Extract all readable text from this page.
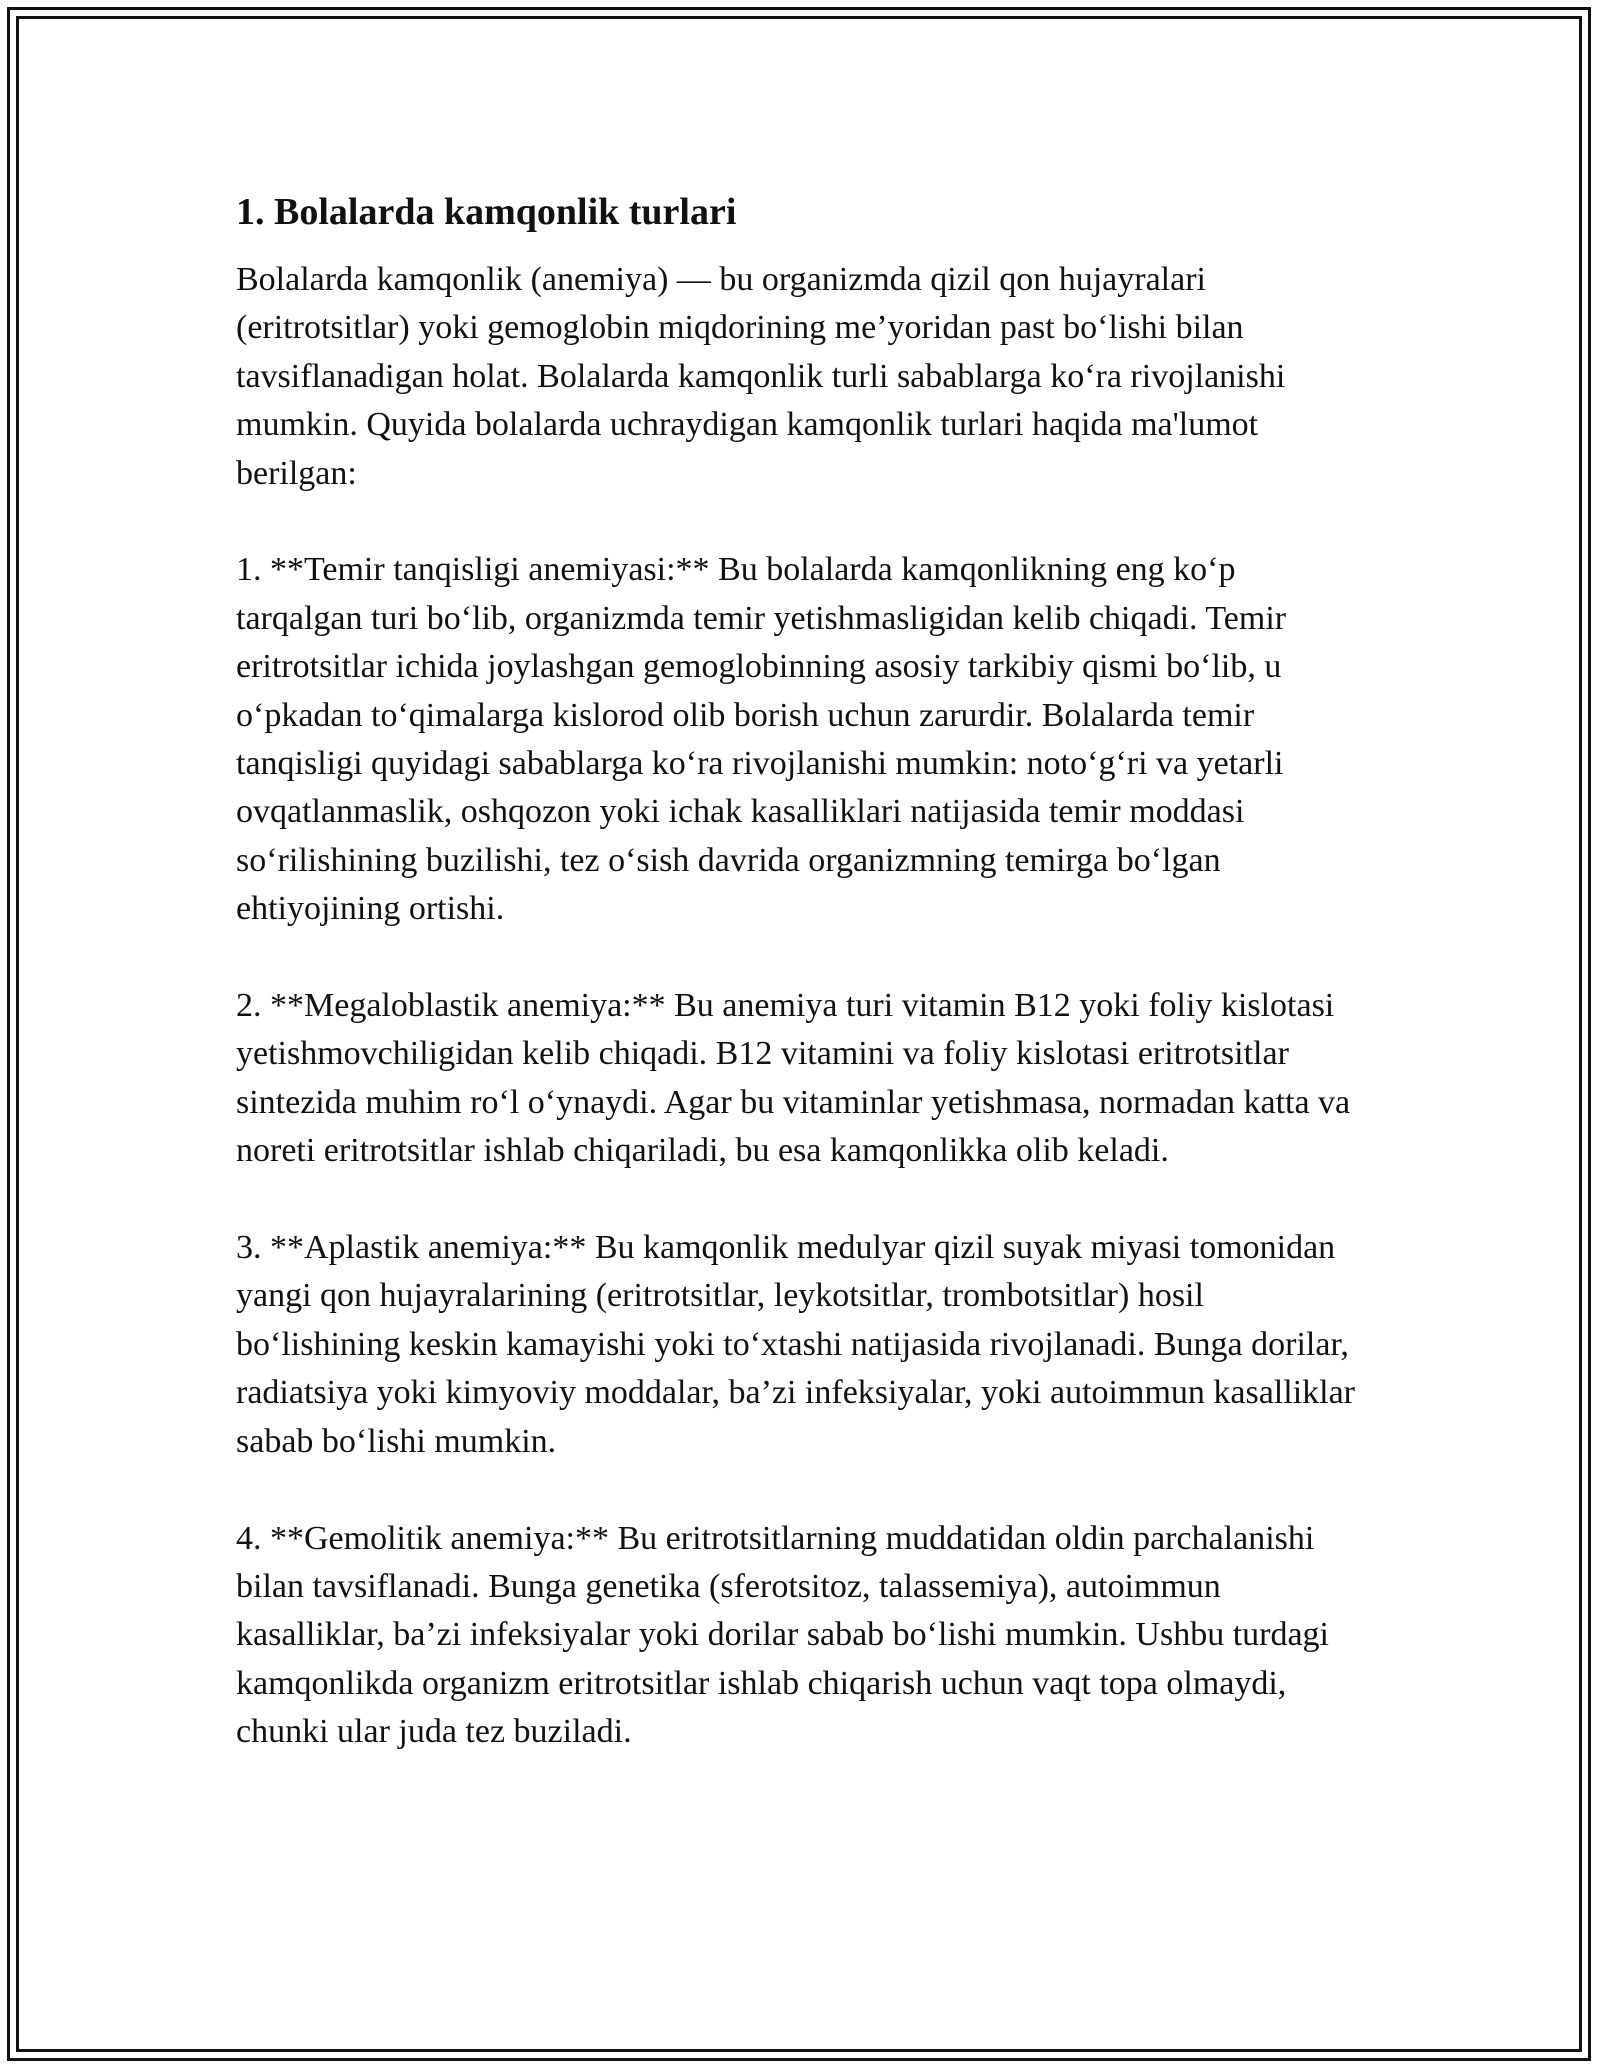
1. Bolalarda kamqonlik turlari

Bolalarda kamqonlik (anemiya) — bu organizmda qizil qon hujayralari (eritrotsitlar) yoki gemoglobin miqdorining me’yoridan past bo‘lishi bilan tavsiflanadigan holat. Bolalarda kamqonlik turli sabablarga ko‘ra rivojlanishi mumkin. Quyida bolalarda uchraydigan kamqonlik turlari haqida ma'lumot berilgan:

1. **Temir tanqisligi anemiyasi:** Bu bolalarda kamqonlikning eng ko‘p tarqalgan turi bo‘lib, organizmda temir yetishmasligidan kelib chiqadi. Temir eritrotsitlar ichida joylashgan gemoglobinning asosiy tarkibiy qismi bo‘lib, u o‘pkadan to‘qimalarga kislorod olib borish uchun zarurdir. Bolalarda temir tanqisligi quyidagi sabablarga ko‘ra rivojlanishi mumkin: noto‘g‘ri va yetarli ovqatlanmaslik, oshqozon yoki ichak kasalliklari natijasida temir moddasi so‘rilishining buzilishi, tez o‘sish davrida organizmning temirga bo‘lgan ehtiyojining ortishi.

2. **Megaloblastik anemiya:** Bu anemiya turi vitamin B12 yoki foliy kislotasi yetishmovchiligidan kelib chiqadi. B12 vitamini va foliy kislotasi eritrotsitlar sintezida muhim ro‘l o‘ynaydi. Agar bu vitaminlar yetishmasa, normadan katta va noreti eritrotsitlar ishlab chiqariladi, bu esa kamqonlikka olib keladi.

3. **Aplastik anemiya:** Bu kamqonlik medulyar qizil suyak miyasi tomonidan yangi qon hujayralarining (eritrotsitlar, leykotsitlar, trombotsitlar) hosil bo‘lishining keskin kamayishi yoki to‘xtashi natijasida rivojlanadi. Bunga dorilar, radiatsiya yoki kimyoviy moddalar, ba’zi infeksiyalar, yoki autoimmun kasalliklar sabab bo‘lishi mumkin.

4. **Gemolitik anemiya:** Bu eritrotsitlarning muddatidan oldin parchalanishi bilan tavsiflanadi. Bunga genetika (sferotsitoz, talassemiya), autoimmun kasalliklar, ba’zi infeksiyalar yoki dorilar sabab bo‘lishi mumkin. Ushbu turdagi kamqonlikda organizm eritrotsitlar ishlab chiqarish uchun vaqt topa olmaydi, chunki ular juda tez buziladi.
